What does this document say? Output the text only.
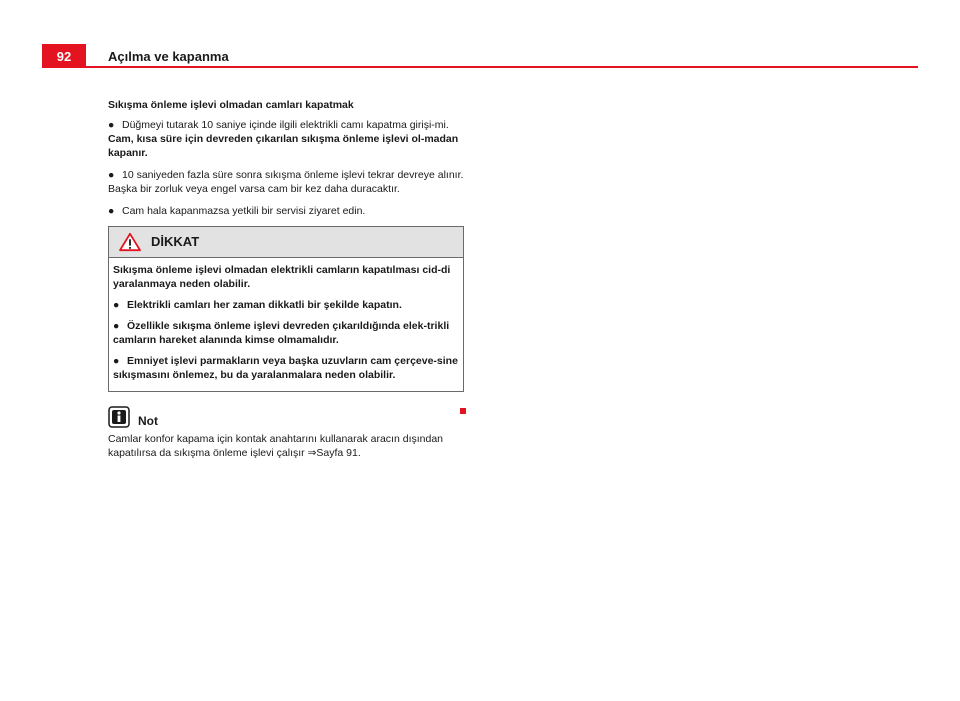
92	Açılma ve kapanma

Sıkışma önleme işlevi olmadan camları kapatmak

● Düğmeyi tutarak 10 saniye içinde ilgili elektrikli camı kapatma girişi-mi. Cam, kısa süre için devreden çıkarılan sıkışma önleme işlevi ol-madan kapanır.

● 10 saniyeden fazla süre sonra sıkışma önleme işlevi tekrar devreye alınır. Başka bir zorluk veya engel varsa cam bir kez daha duracaktır.

● Cam hala kapanmazsa yetkili bir servisi ziyaret edin.

DİKKAT

Sıkışma önleme işlevi olmadan elektrikli camların kapatılması cid-di yaralanmaya neden olabilir.

● Elektrikli camları her zaman dikkatli bir şekilde kapatın.

● Özellikle sıkışma önleme işlevi devreden çıkarıldığında elek-trikli camların hareket alanında kimse olmamalıdır.

● Emniyet işlevi parmakların veya başka uzuvların cam çerçeve-sine sıkışmasını önlemez, bu da yaralanmalara neden olabilir.

Not

Camlar konfor kapama için kontak anahtarını kullanarak aracın dışından kapatılırsa da sıkışma önleme işlevi çalışır ⇒Sayfa 91.
